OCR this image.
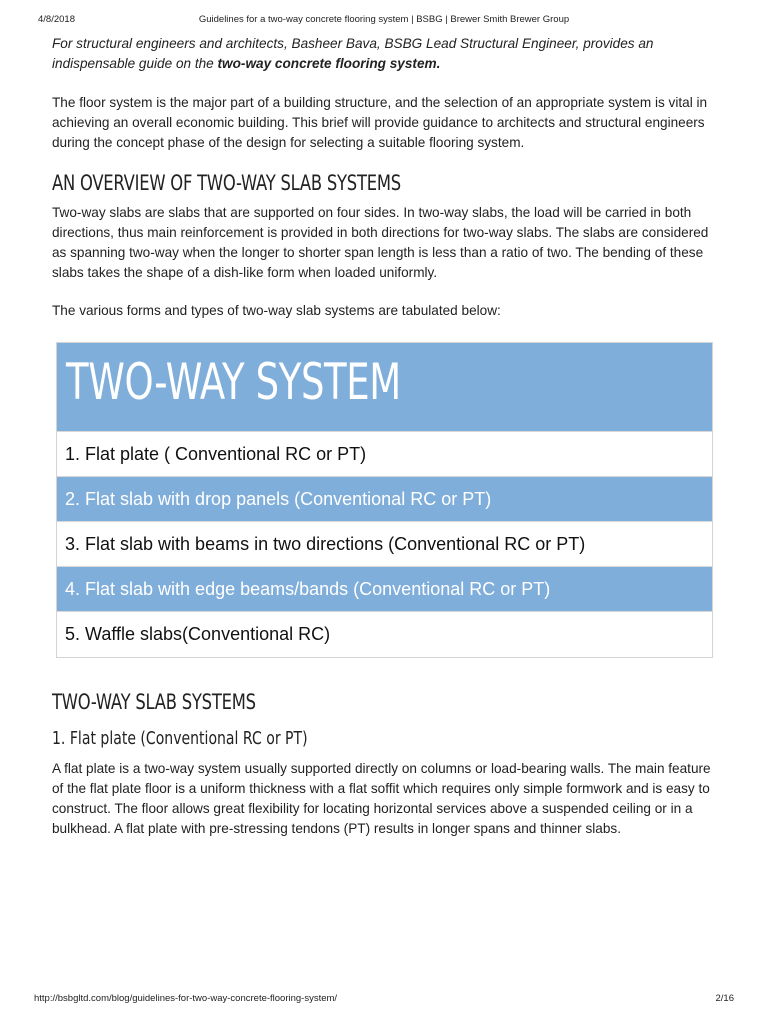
4/8/2018	Guidelines for a two-way concrete flooring system | BSBG | Brewer Smith Brewer Group

For structural engineers and architects, Basheer Bava, BSBG Lead Structural Engineer, provides an indispensable guide on the two-way concrete flooring system.

The floor system is the major part of a building structure, and the selection of an appropriate system is vital in achieving an overall economic building. This brief will provide guidance to architects and structural engineers during the concept phase of the design for selecting a suitable flooring system.

AN OVERVIEW OF TWO-WAY SLAB SYSTEMS

Two-way slabs are slabs that are supported on four sides. In two-way slabs, the load will be carried in both directions, thus main reinforcement is provided in both directions for two-way slabs. The slabs are considered as spanning two-way when the longer to shorter span length is less than a ratio of two. The bending of these slabs takes the shape of a dish-like form when loaded uniformly.

The various forms and types of two-way slab systems are tabulated below:

TWO-WAY SYSTEM
1. Flat plate ( Conventional RC or PT)
2. Flat slab with drop panels (Conventional RC or PT)
3. Flat slab with beams in two directions (Conventional RC or PT)
4. Flat slab with edge beams/bands (Conventional RC or PT)
5. Waffle slabs(Conventional RC)
TWO-WAY SLAB SYSTEMS
1. Flat plate (Conventional RC or PT)

A flat plate is a two-way system usually supported directly on columns or load-bearing walls. The main feature of the flat plate floor is a uniform thickness with a flat soffit which requires only simple formwork and is easy to construct. The floor allows great flexibility for locating horizontal services above a suspended ceiling or in a bulkhead. A flat plate with pre-stressing tendons (PT) results in longer spans and thinner slabs.

http://bsbgltd.com/blog/guidelines-for-two-way-concrete-flooring-system/	2/16
